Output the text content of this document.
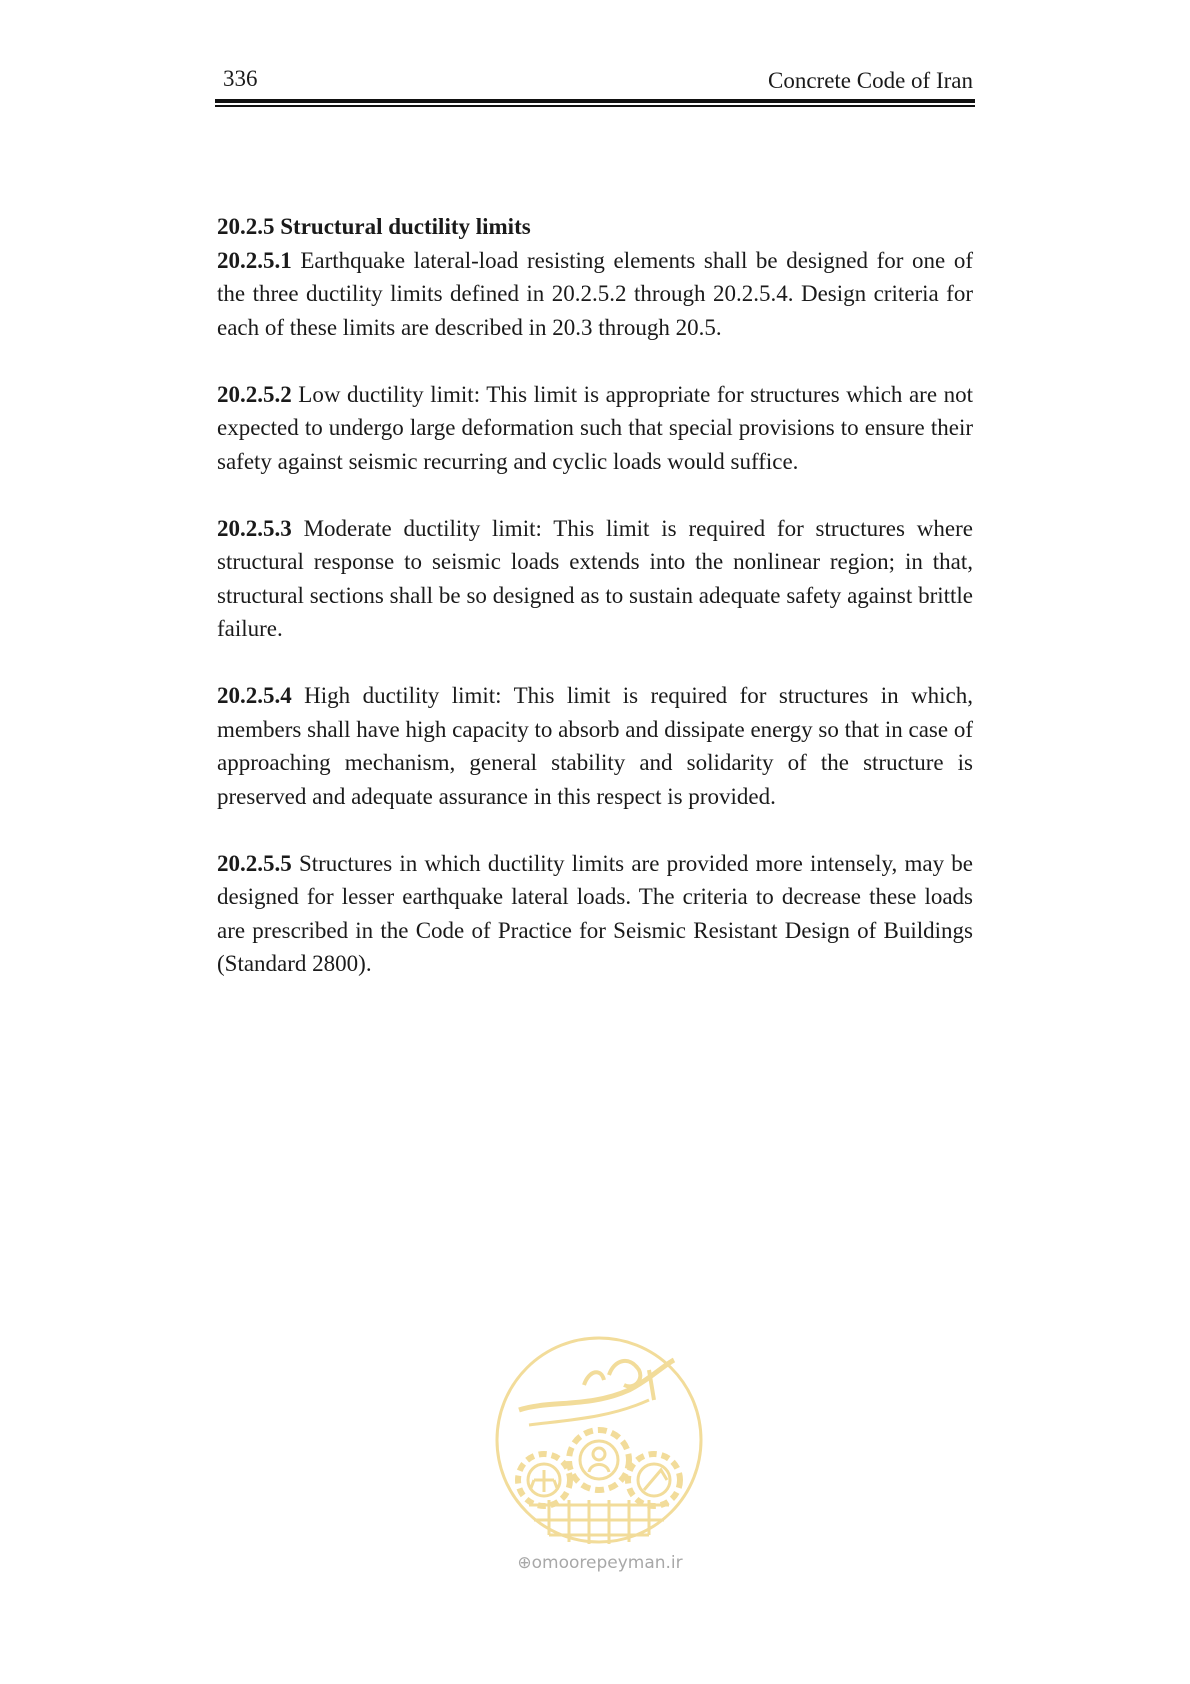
336	Concrete Code of Iran

20.2.5 Structural ductility limits

20.2.5.1 Earthquake lateral-load resisting elements shall be designed for one of the three ductility limits defined in 20.2.5.2 through 20.2.5.4. Design criteria for each of these limits are described in 20.3 through 20.5.

20.2.5.2 Low ductility limit: This limit is appropriate for structures which are not expected to undergo large deformation such that special provisions to ensure their safety against seismic recurring and cyclic loads would suffice.

20.2.5.3 Moderate ductility limit: This limit is required for structures where structural response to seismic loads extends into the nonlinear region; in that, structural sections shall be so designed as to sustain adequate safety against brittle failure.

20.2.5.4 High ductility limit: This limit is required for structures in which, members shall have high capacity to absorb and dissipate energy so that in case of approaching mechanism, general stability and solidarity of the structure is preserved and adequate assurance in this respect is provided.

20.2.5.5 Structures in which ductility limits are provided more intensely, may be designed for lesser earthquake lateral loads. The criteria to decrease these loads are prescribed in the Code of Practice for Seismic Resistant Design of Buildings (Standard 2800).

⊕omoorepeyman.ir
